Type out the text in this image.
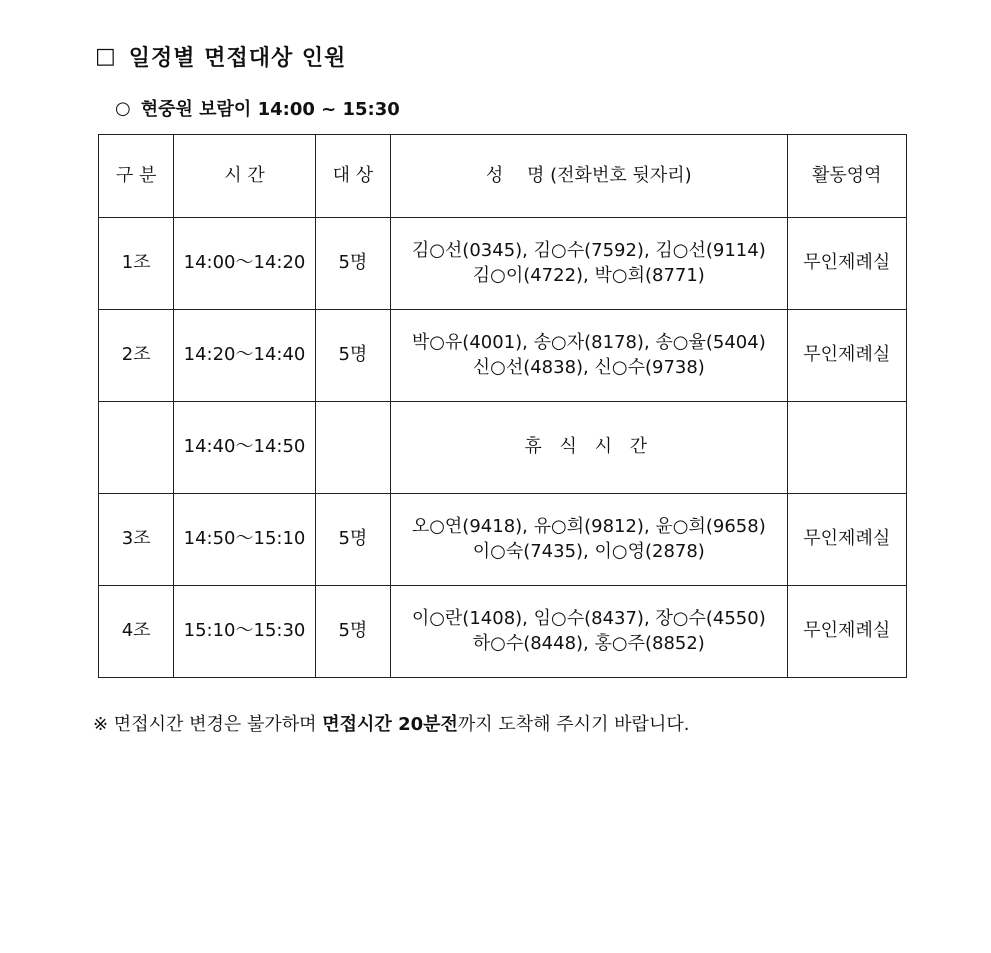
□ 일정별 면접대상 인원
○ 현중원 보람이 14:00 ~ 15:30
구 분	시 간	대 상	성　 명 (전화번호 뒷자리)	활동영역
1조	14:00～14:20	5명	김○선(0345), 김○수(7592), 김○선(9114)
김○이(4722), 박○희(8771)	무인제례실
2조	14:20～14:40	5명	박○유(4001), 송○자(8178), 송○율(5404)
신○선(4838), 신○수(9738)	무인제례실
	14:40～14:50		휴 식 시 간	

3조	14:50～15:10	5명	오○연(9418), 유○희(9812), 윤○희(9658)
이○숙(7435), 이○영(2878)	무인제례실
4조	15:10～15:30	5명	이○란(1408), 임○수(8437), 장○수(4550)
하○수(8448), 홍○주(8852)	무인제례실
※ 면접시간 변경은 불가하며 면접시간 20분전 까지 도착해 주시기 바랍니다.
